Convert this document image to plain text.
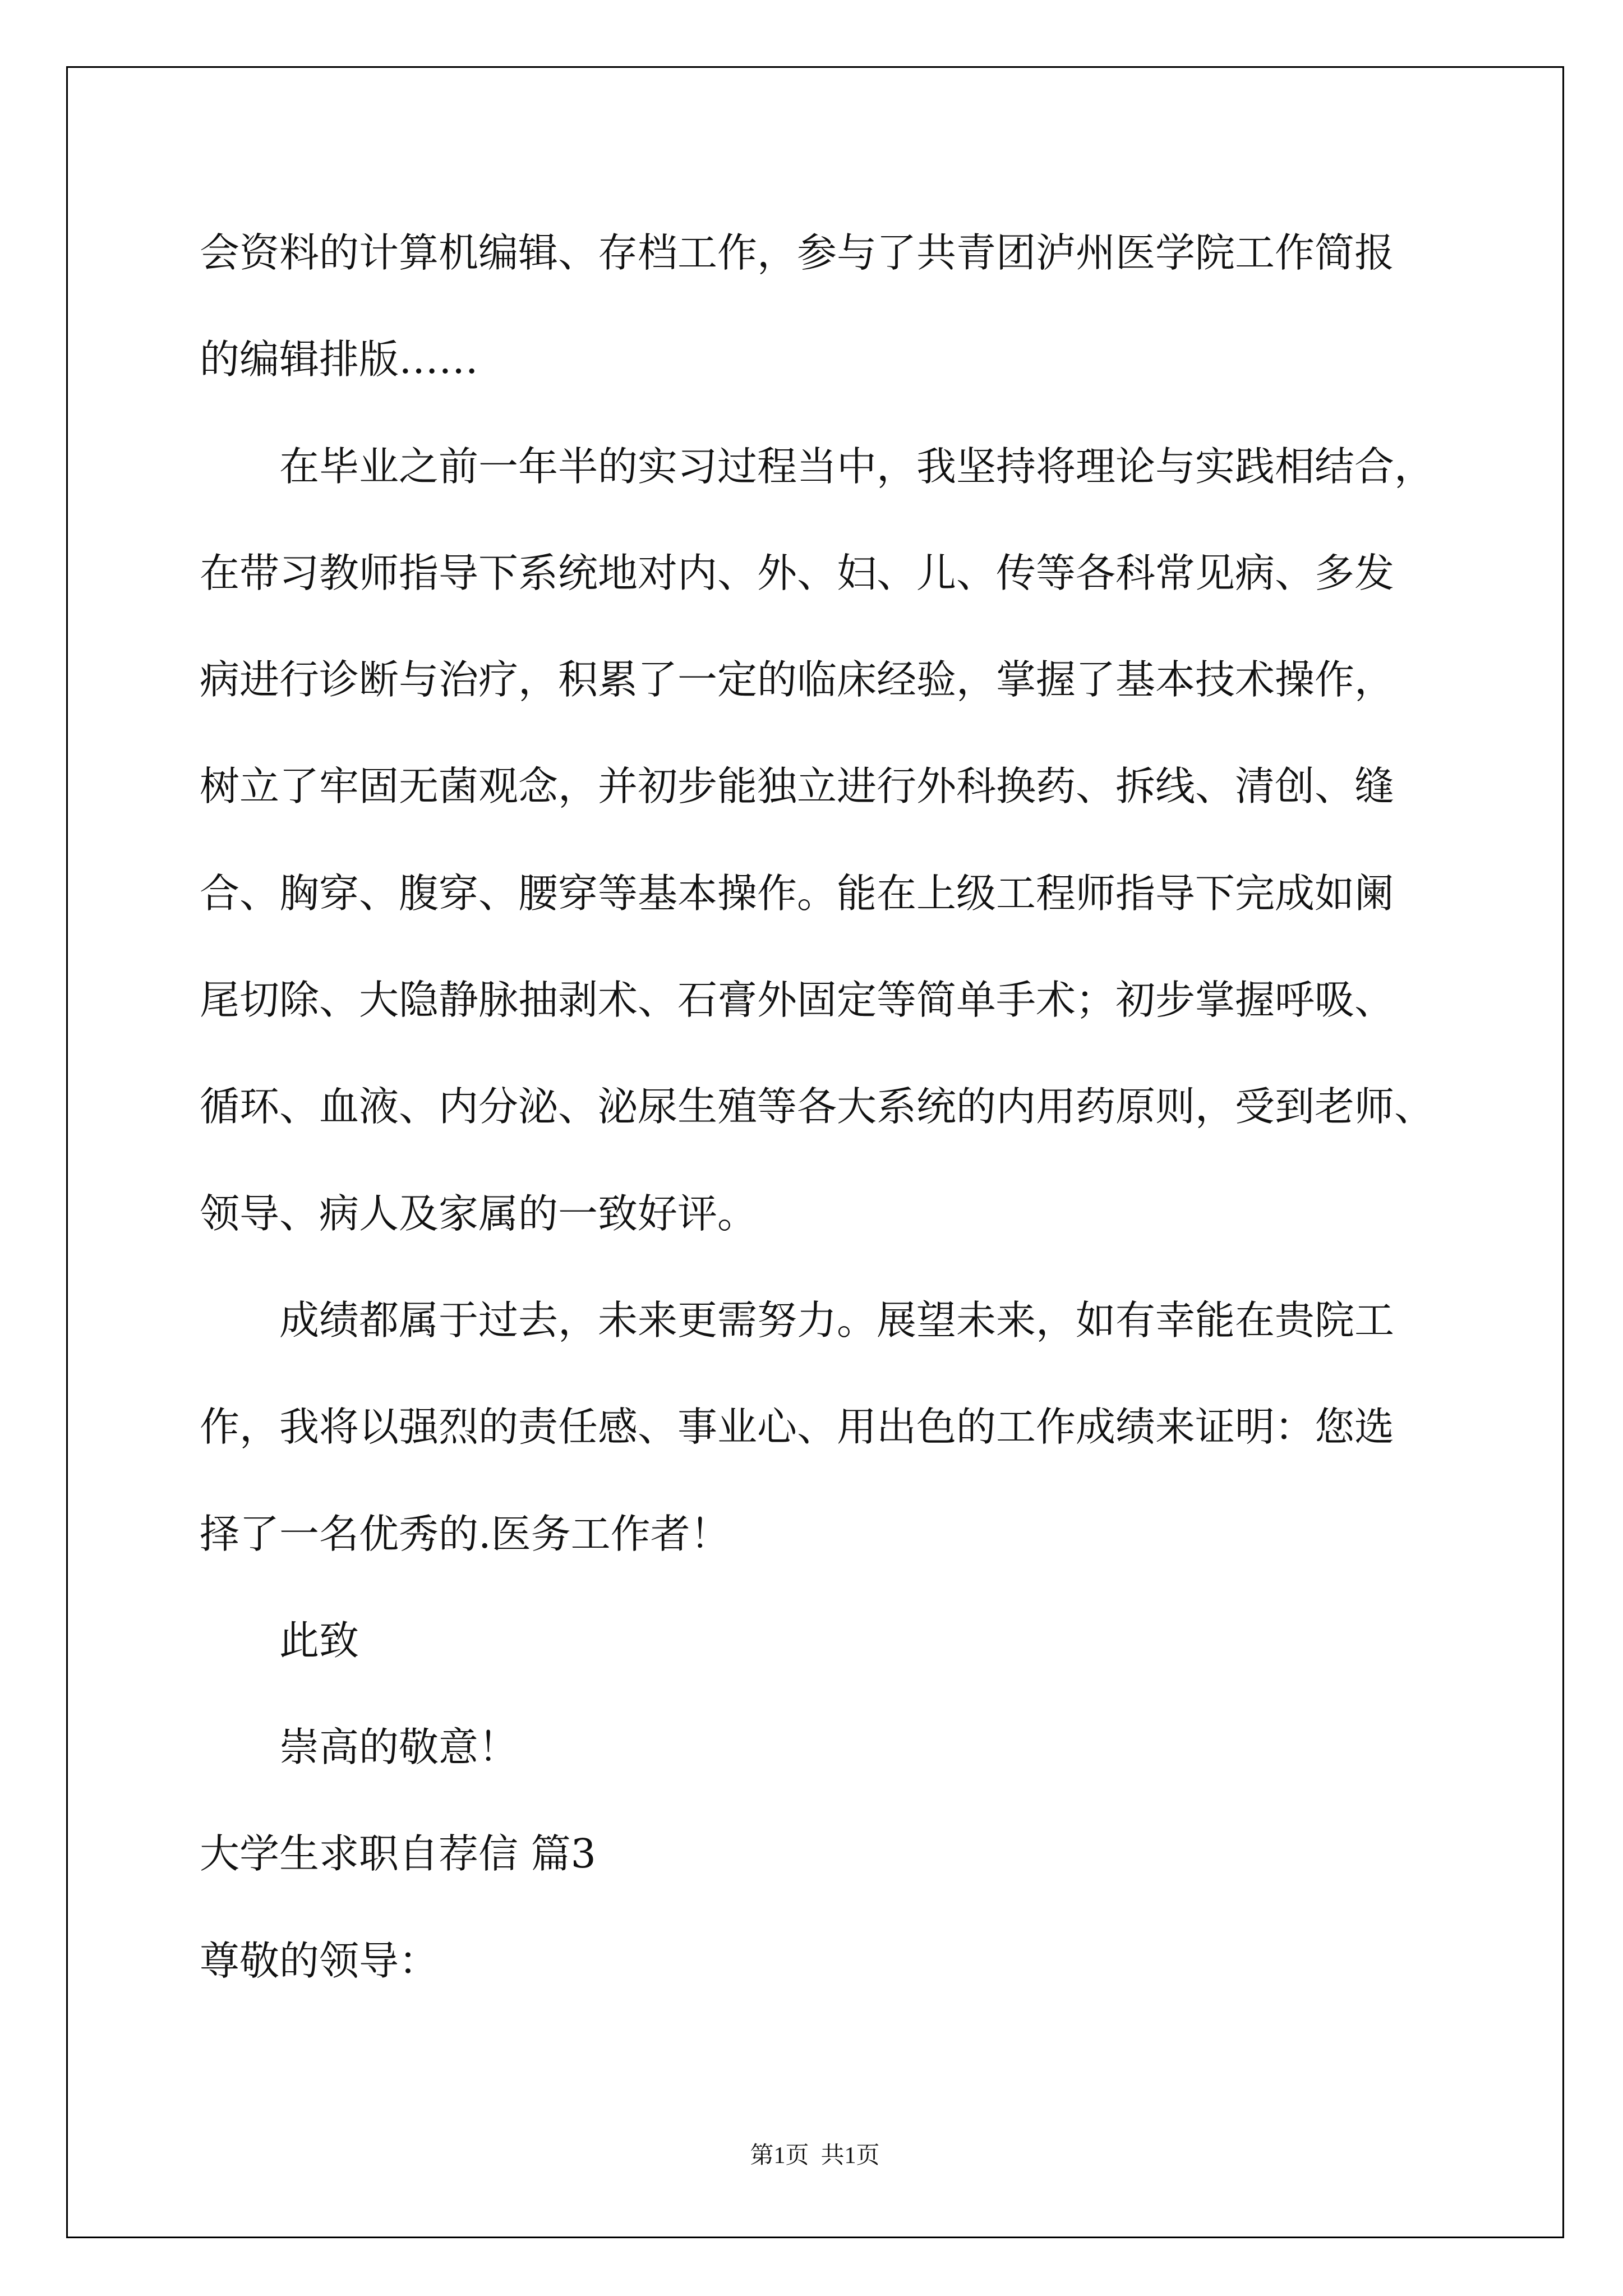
会资料的计算机编辑、存档工作，参与了共青团泸州医学院工作简报
的编辑排版……
在毕业之前一年半的实习过程当中，我坚持将理论与实践相结合，
在带习教师指导下系统地对内、外、妇、儿、传等各科常见病、多发
病进行诊断与治疗，积累了一定的临床经验，掌握了基本技术操作，
树立了牢固无菌观念，并初步能独立进行外科换药、拆线、清创、缝
合、胸穿、腹穿、腰穿等基本操作。能在上级工程师指导下完成如阑
尾切除、大隐静脉抽剥术、石膏外固定等简单手术；初步掌握呼吸、
循环、血液、内分泌、泌尿生殖等各大系统的内用药原则，受到老师、
领导、病人及家属的一致好评。
成绩都属于过去，未来更需努力。展望未来，如有幸能在贵院工
作，我将以强烈的责任感、事业心、用出色的工作成绩来证明：您选
择了一名优秀的.医务工作者！
此致
崇高的敬意！
大学生求职自荐信 篇3
尊敬的领导：
第1页  共1页
